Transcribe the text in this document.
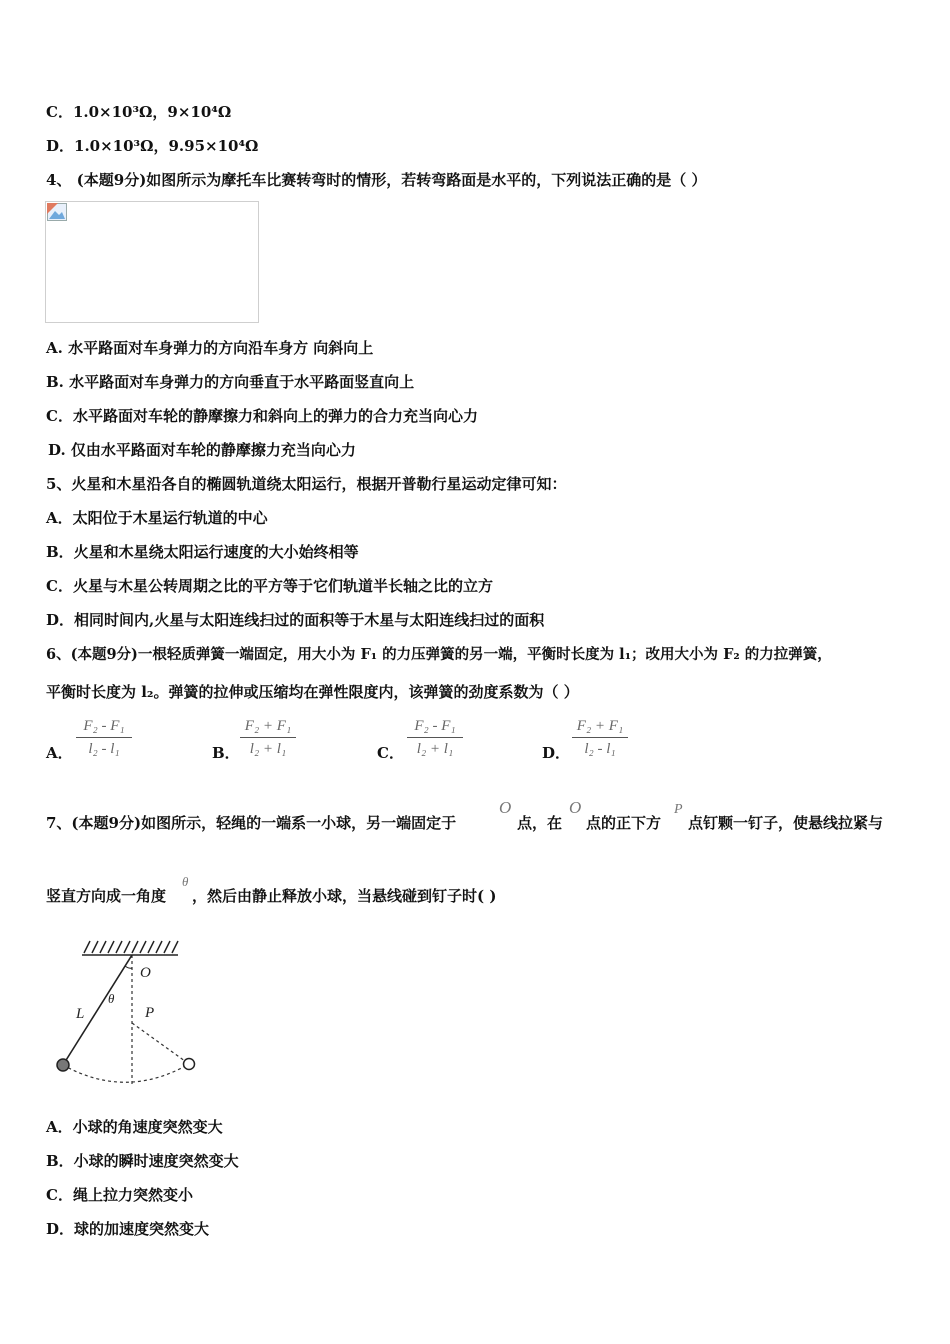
C．1.0×10³Ω，9×10⁴Ω
D．1.0×10³Ω，9.95×10⁴Ω
4、 (本题9分)如图所示为摩托车比赛转弯时的情形，若转弯路面是水平的，下列说法正确的是（ ）
A. 水平路面对车身弹力的方向沿车身方 向斜向上
B. 水平路面对车身弹力的方向垂直于水平路面竖直向上
C．水平路面对车轮的静摩擦力和斜向上的弹力的合力充当向心力
D. 仅由水平路面对车轮的静摩擦力充当向心力
5、火星和木星沿各自的椭圆轨道绕太阳运行，根据开普勒行星运动定律可知：
A．太阳位于木星运行轨道的中心
B．火星和木星绕太阳运行速度的大小始终相等
C．火星与木星公转周期之比的平方等于它们轨道半长轴之比的立方
D．相同时间内,火星与太阳连线扫过的面积等于木星与太阳连线扫过的面积
6、(本题9分)一根轻质弹簧一端固定，用大小为 F₁ 的力压弹簧的另一端，平衡时长度为 l₁；改用大小为 F₂ 的力拉弹簧，
平衡时长度为 l₂。弹簧的拉伸或压缩均在弹性限度内，该弹簧的劲度系数为（ ）
A．
F₂ - F₁
l₂ - l₁	B．
F₂ + F₁
l₂ + l₁	C．
F₂ - F₁
l₂ + l₁	D．
F₂ + F₁
l₂ - l₁
7、(本题9分)如图所示，轻绳的一端系一小球，另一端固定于
O
点，在
O
点的正下方
P
点钉颗一钉子，使悬线拉紧与
竖直方向成一角度
θ
，然后由静止释放小球，当悬线碰到钉子时( )
O
L
θ
P
A．小球的角速度突然变大
B．小球的瞬时速度突然变大
C．绳上拉力突然变小
D．球的加速度突然变大
